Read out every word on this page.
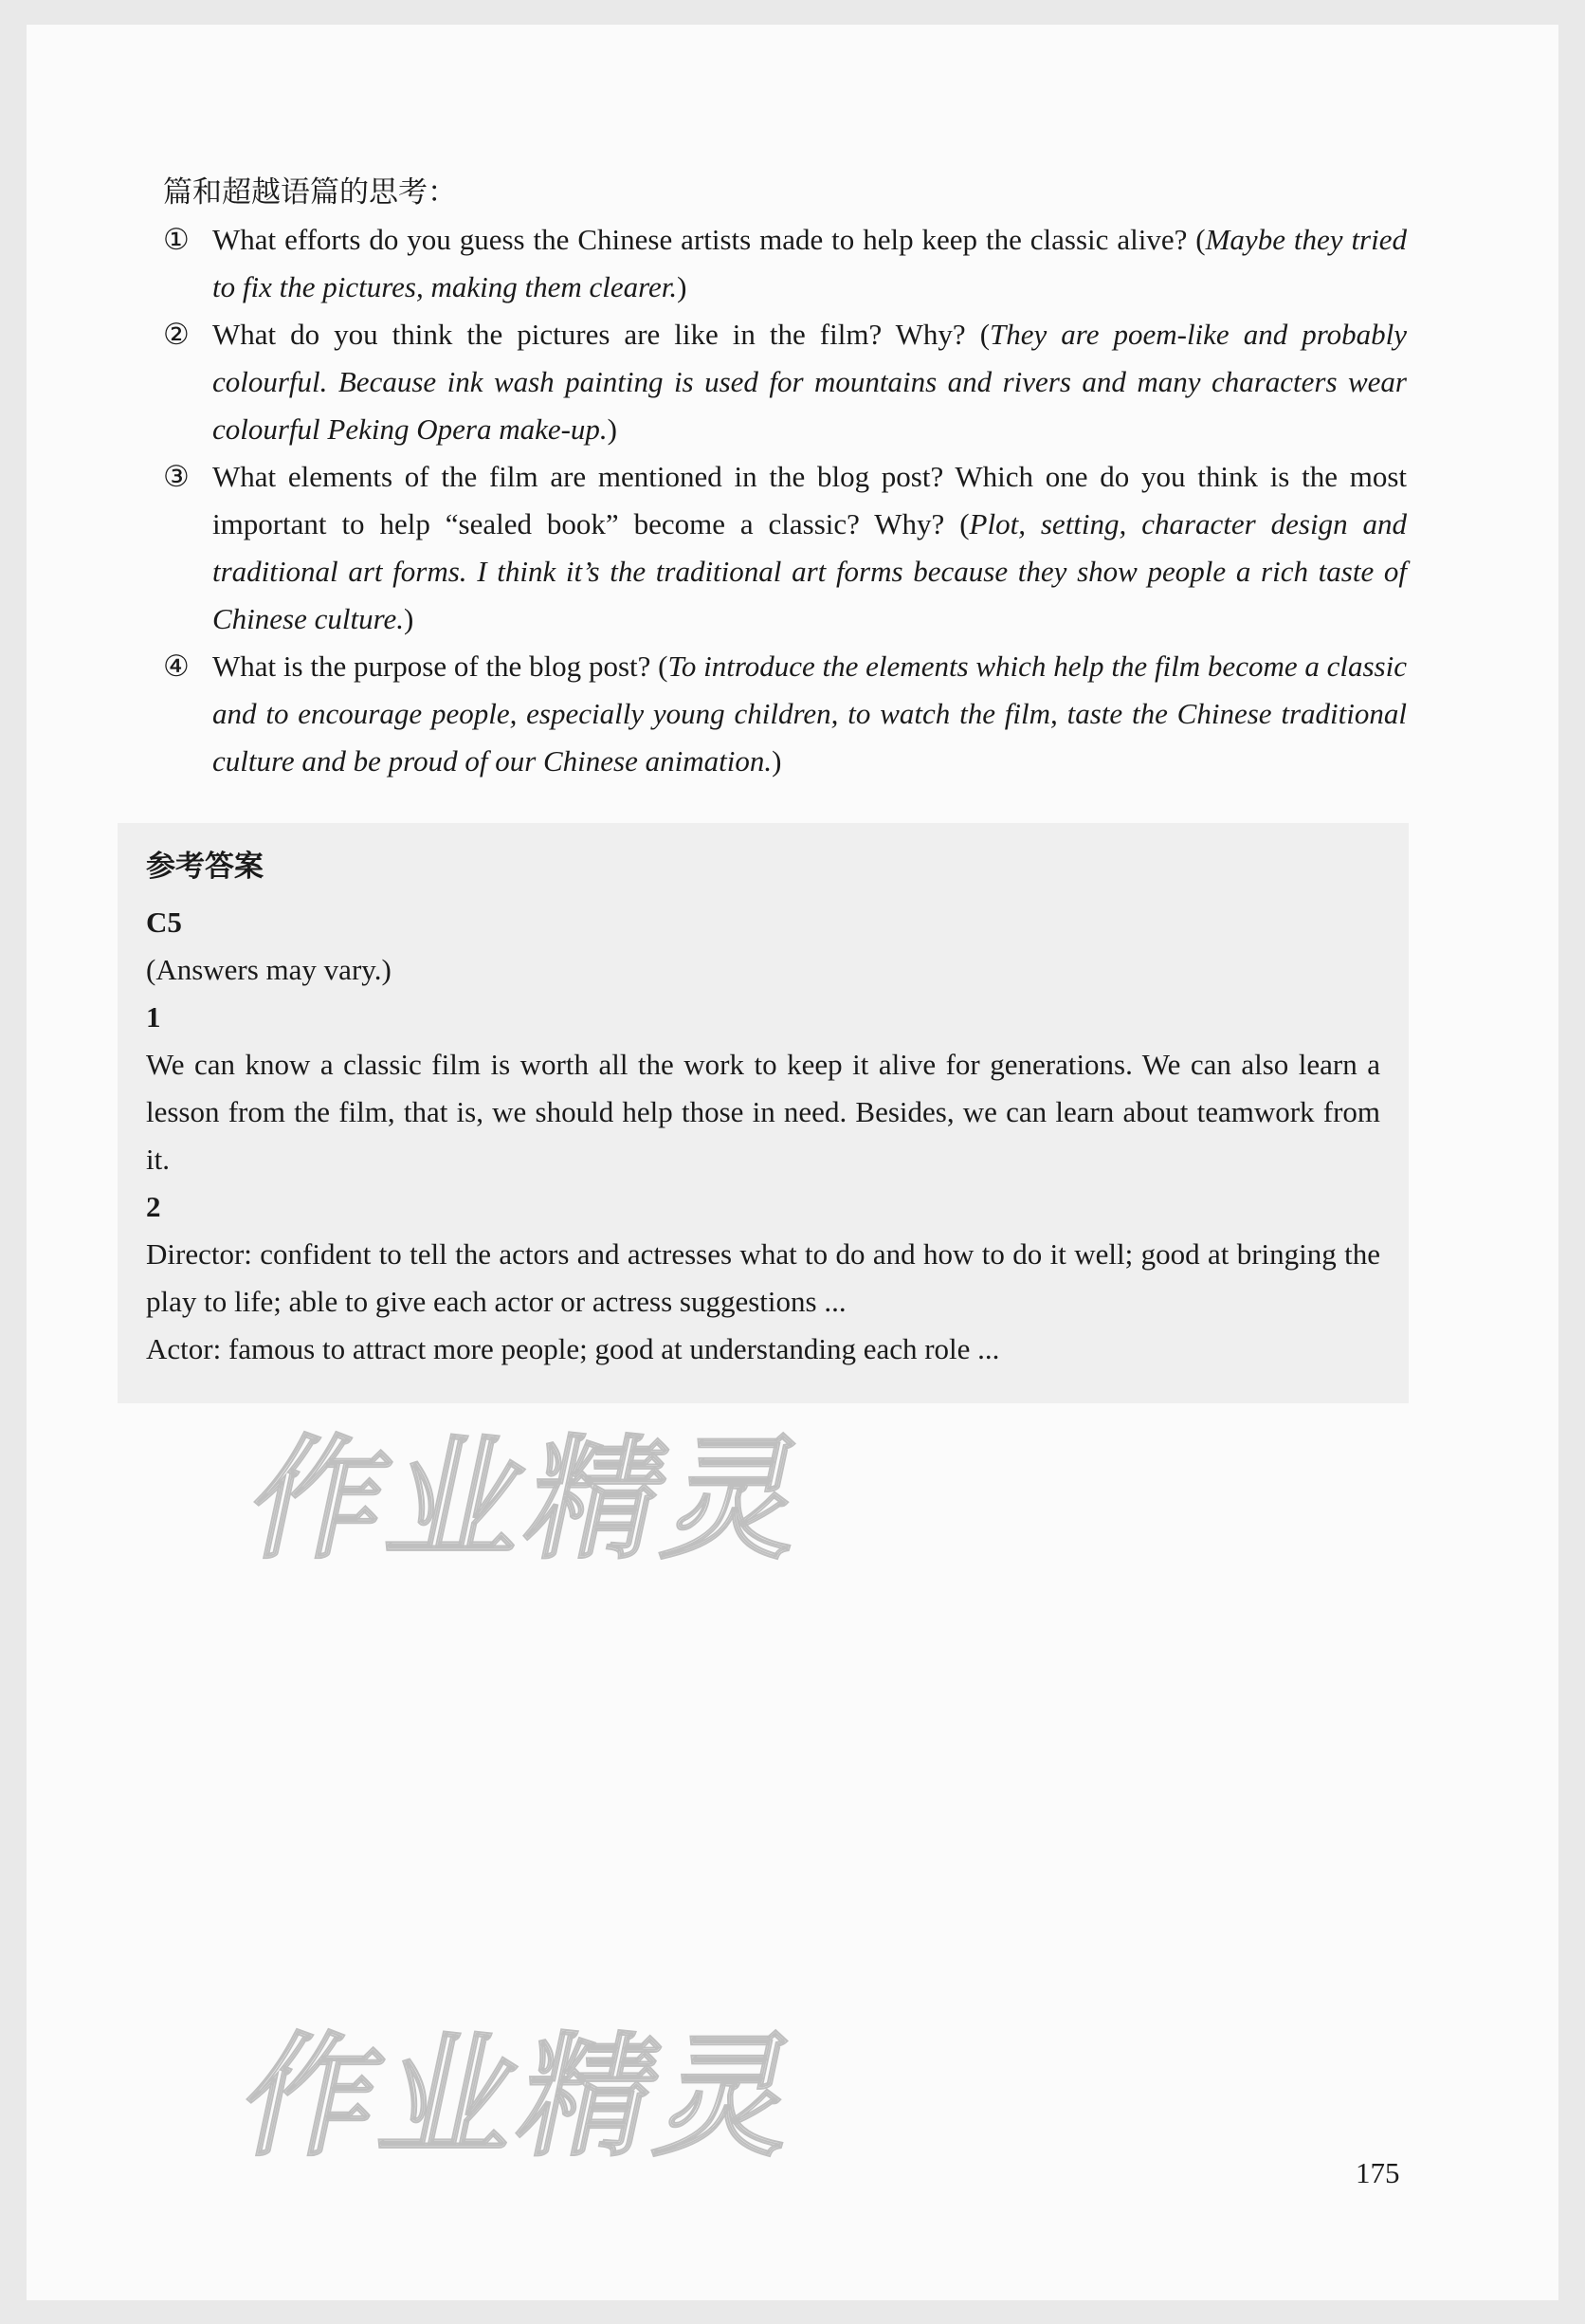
篇和超越语篇的思考：

① What efforts do you guess the Chinese artists made to help keep the classic alive? (Maybe they tried to fix the pictures, making them clearer.)
② What do you think the pictures are like in the film? Why? (They are poem-like and probably colourful. Because ink wash painting is used for mountains and rivers and many characters wear colourful Peking Opera make-up.)
③ What elements of the film are mentioned in the blog post? Which one do you think is the most important to help “sealed book” become a classic? Why? (Plot, setting, character design and traditional art forms. I think it’s the traditional art forms because they show people a rich taste of Chinese culture.)
④ What is the purpose of the blog post? (To introduce the elements which help the film become a classic and to encourage people, especially young children, to watch the film, taste the Chinese traditional culture and be proud of our Chinese animation.)

参考答案

C5

(Answers may vary.)

1

We can know a classic film is worth all the work to keep it alive for generations. We can also learn a lesson from the film, that is, we should help those in need. Besides, we can learn about teamwork from it.

2

Director: confident to tell the actors and actresses what to do and how to do it well; good at bringing the play to life; able to give each actor or actress suggestions ...

Actor: famous to attract more people; good at understanding each role ...

作业精灵
作业精灵	175
